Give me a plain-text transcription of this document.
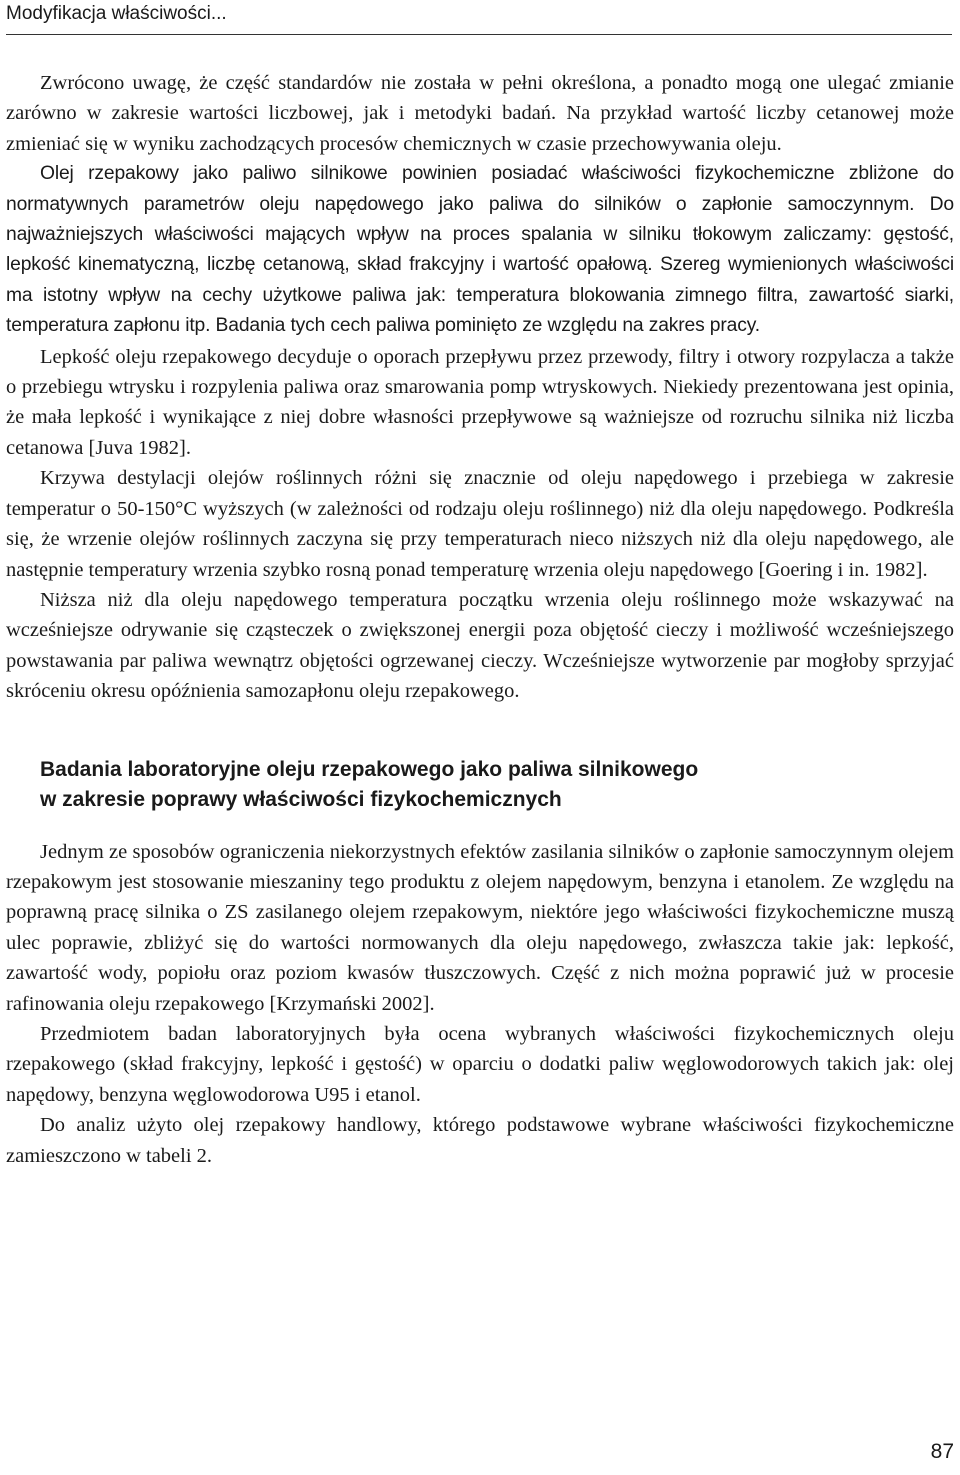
Modyfikacja właściwości...

Zwrócono uwagę, że część standardów nie została w pełni określona, a ponadto mogą one ulegać zmianie zarówno w zakresie wartości liczbowej, jak i metodyki badań. Na przykład wartość liczby cetanowej może zmieniać się w wyniku zachodzących procesów chemicznych w czasie przechowywania oleju.

Olej rzepakowy jako paliwo silnikowe powinien posiadać właściwości fizykochemiczne zbliżone do normatywnych parametrów oleju napędowego jako paliwa do silników o zapłonie samoczynnym. Do najważniejszych właściwości mających wpływ na proces spalania w silniku tłokowym zaliczamy: gęstość, lepkość kinematyczną, liczbę cetanową, skład frakcyjny i wartość opałową. Szereg wymienionych właściwości ma istotny wpływ na cechy użytkowe paliwa jak: temperatura blokowania zimnego filtra, zawartość siarki, temperatura zapłonu itp. Badania tych cech paliwa pominięto ze względu na zakres pracy.

Lepkość oleju rzepakowego decyduje o oporach przepływu przez przewody, filtry i otwory rozpylacza a także o przebiegu wtrysku i rozpylenia paliwa oraz smarowania pomp wtryskowych. Niekiedy prezentowana jest opinia, że mała lepkość i wynikające z niej dobre własności przepływowe są ważniejsze od rozruchu silnika niż liczba cetanowa [Juva 1982].

Krzywa destylacji olejów roślinnych różni się znacznie od oleju napędowego i przebiega w zakresie temperatur o 50-150°C wyższych (w zależności od rodzaju oleju roślinnego) niż dla oleju napędowego. Podkreśla się, że wrzenie olejów roślinnych zaczyna się przy temperaturach nieco niższych niż dla oleju napędowego, ale następnie temperatury wrzenia szybko rosną ponad temperaturę wrzenia oleju napędowego [Goering i in. 1982].

Niższa niż dla oleju napędowego temperatura początku wrzenia oleju roślinnego może wskazywać na wcześniejsze odrywanie się cząsteczek o zwiększonej energii poza objętość cieczy i możliwość wcześniejszego powstawania par paliwa wewnątrz objętości ogrzewanej cieczy. Wcześniejsze wytworzenie par mogłoby sprzyjać skróceniu okresu opóźnienia samozapłonu oleju rzepakowego.

Badania laboratoryjne oleju rzepakowego jako paliwa silnikowego
w zakresie poprawy właściwości fizykochemicznych

Jednym ze sposobów ograniczenia niekorzystnych efektów zasilania silników o zapłonie samoczynnym olejem rzepakowym jest stosowanie mieszaniny tego produktu z olejem napędowym, benzyna i etanolem. Ze względu na poprawną pracę silnika o ZS zasilanego olejem rzepakowym, niektóre jego właściwości fizykochemiczne muszą ulec poprawie, zbliżyć się do wartości normowanych dla oleju napędowego, zwłaszcza takie jak: lepkość, zawartość wody, popiołu oraz poziom kwasów tłuszczowych. Część z nich można poprawić już w procesie rafinowania oleju rzepakowego [Krzymański 2002].

Przedmiotem badan laboratoryjnych była ocena wybranych właściwości fizykochemicznych oleju rzepakowego (skład frakcyjny, lepkość i gęstość) w oparciu o dodatki paliw węglowodorowych takich jak: olej napędowy, benzyna węglowodorowa U95 i etanol.

Do analiz użyto olej rzepakowy handlowy, którego podstawowe wybrane właściwości fizykochemiczne zamieszczono w tabeli 2.

87
